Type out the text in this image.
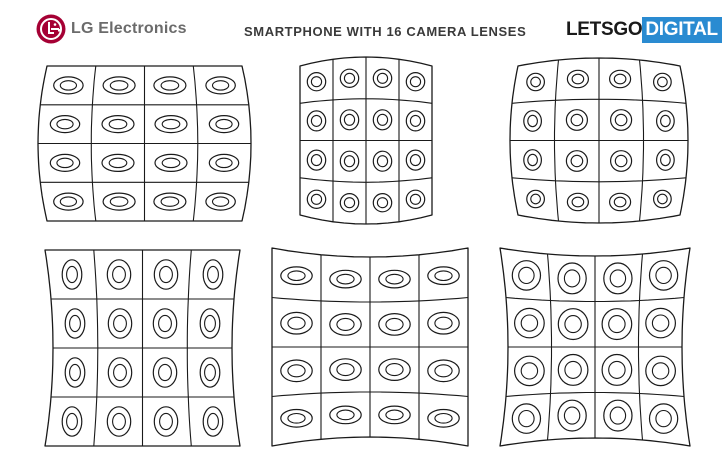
LG Electronics	SMARTPHONE WITH 16 CAMERA LENSES LETSGO DIGITAL
